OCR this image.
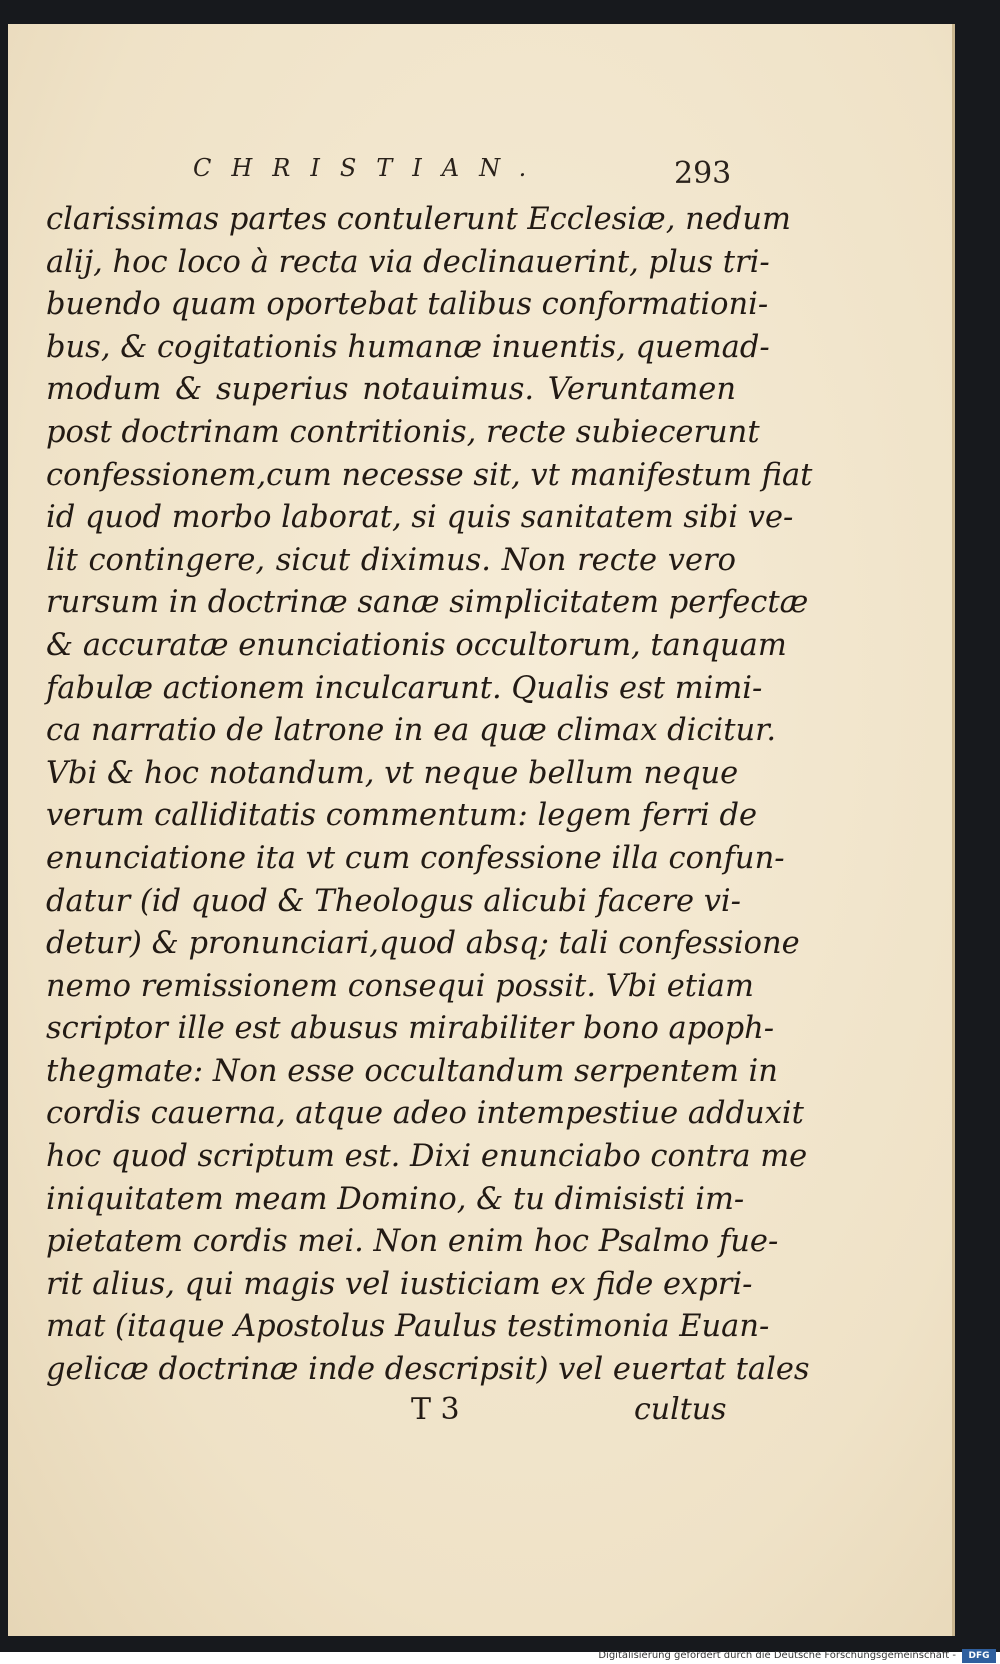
CHRISTIAN.	293
clarissimas partes contulerunt Ecclesiæ, nedum
alij, hoc loco à recta via declinauerint, plus tri-
buendo quam oportebat talibus conformationi-
bus, & cogitationis humanæ inuentis, quemad-
modum & superius notauimus. Veruntamen
post doctrinam contritionis, recte subiecerunt
confessionem,cum necesse sit, vt manifestum fiat
id quod morbo laborat, si quis sanitatem sibi ve-
lit contingere, sicut diximus. Non recte vero
rursum in doctrinæ sanæ simplicitatem perfectæ
& accuratæ enunciationis occultorum, tanquam
fabulæ actionem inculcarunt. Qualis est mimi-
ca narratio de latrone in ea quæ climax dicitur.
Vbi & hoc notandum, vt neque bellum neque
verum calliditatis commentum: legem ferri de
enunciatione ita vt cum confessione illa confun-
datur (id quod & Theologus alicubi facere vi-
detur) & pronunciari,quod absq; tali confessione
nemo remissionem consequi possit. Vbi etiam
scriptor ille est abusus mirabiliter bono apoph-
thegmate: Non esse occultandum serpentem in
cordis cauerna, atque adeo intempestiue adduxit
hoc quod scriptum est. Dixi enunciabo contra me
iniquitatem meam Domino, & tu dimisisti im-
pietatem cordis mei. Non enim hoc Psalmo fue-
rit alius, qui magis vel iusticiam ex fide expri-
mat (itaque Apostolus Paulus testimonia Euan-
gelicæ doctrinæ inde descripsit) vel euertat tales
T 3	cultus
Digitalisierung gefördert durch die Deutsche Forschungsgemeinschaft -	DFG
